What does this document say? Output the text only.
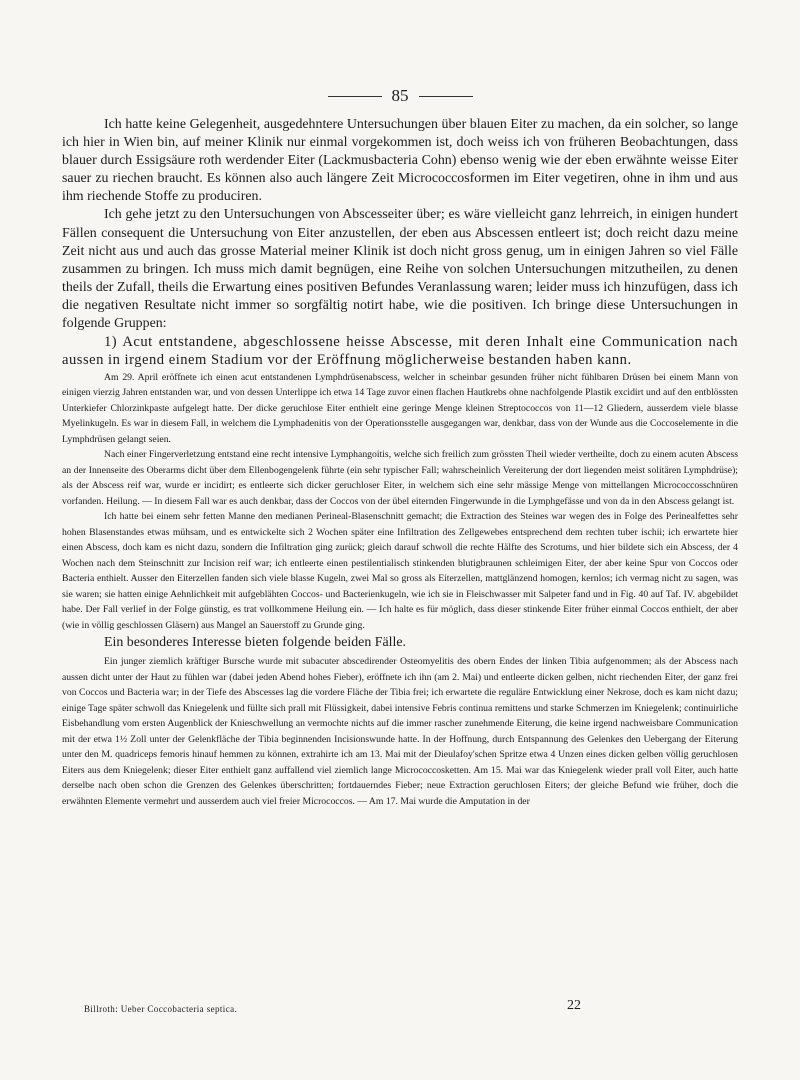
85

Ich hatte keine Gelegenheit, ausgedehntere Untersuchungen über blauen Eiter zu machen, da ein solcher, so lange ich hier in Wien bin, auf meiner Klinik nur einmal vorgekommen ist, doch weiss ich von früheren Beobachtungen, dass blauer durch Essigsäure roth werdender Eiter (Lackmusbacteria Cohn) ebenso wenig wie der eben erwähnte weisse Eiter sauer zu riechen braucht. Es können also auch längere Zeit Micrococcosformen im Eiter vegetiren, ohne in ihm und aus ihm riechende Stoffe zu produciren.

Ich gehe jetzt zu den Untersuchungen von Abscesseiter über; es wäre vielleicht ganz lehrreich, in einigen hundert Fällen consequent die Untersuchung von Eiter anzustellen, der eben aus Abscessen entleert ist; doch reicht dazu meine Zeit nicht aus und auch das grosse Material meiner Klinik ist doch nicht gross genug, um in einigen Jahren so viel Fälle zusammen zu bringen. Ich muss mich damit begnügen, eine Reihe von solchen Untersuchungen mitzutheilen, zu denen theils der Zufall, theils die Erwartung eines positiven Befundes Veranlassung waren; leider muss ich hinzufügen, dass ich die negativen Resultate nicht immer so sorgfältig notirt habe, wie die positiven. Ich bringe diese Untersuchungen in folgende Gruppen:

1) Acut entstandene, abgeschlossene heisse Abscesse, mit deren Inhalt eine Communication nach aussen in irgend einem Stadium vor der Eröffnung möglicherweise bestanden haben kann.

Am 29. April eröffnete ich einen acut entstandenen Lymphdrüsenabscess, welcher in scheinbar gesunden früher nicht fühlbaren Drüsen bei einem Mann von einigen vierzig Jahren entstanden war, und von dessen Unterlippe ich etwa 14 Tage zuvor einen flachen Hautkrebs ohne nachfolgende Plastik excidirt und auf den entblössten Unterkiefer Chlorzinkpaste aufgelegt hatte. Der dicke geruchlose Eiter enthielt eine geringe Menge kleinen Streptococcos von 11—12 Gliedern, ausserdem viele blasse Myelinkugeln. Es war in diesem Fall, in welchem die Lymphadenitis von der Operationsstelle ausgegangen war, denkbar, dass von der Wunde aus die Coccoselemente in die Lymphdrüsen gelangt seien.

Nach einer Fingerverletzung entstand eine recht intensive Lymphangoitis, welche sich freilich zum grössten Theil wieder vertheilte, doch zu einem acuten Abscess an der Innenseite des Oberarms dicht über dem Ellenbogengelenk führte (ein sehr typischer Fall; wahrscheinlich Vereiterung der dort liegenden meist solitären Lymphdrüse); als der Abscess reif war, wurde er incidirt; es entleerte sich dicker geruchloser Eiter, in welchem sich eine sehr mässige Menge von mittellangen Micrococcosschnüren vorfanden. Heilung. — In diesem Fall war es auch denkbar, dass der Coccos von der übel eiternden Fingerwunde in die Lymphgefässe und von da in den Abscess gelangt ist.

Ich hatte bei einem sehr fetten Manne den medianen Perineal-Blasenschnitt gemacht; die Extraction des Steines war wegen des in Folge des Perinealfettes sehr hohen Blasenstandes etwas mühsam, und es entwickelte sich 2 Wochen später eine Infiltration des Zellgewebes entsprechend dem rechten tuber ischii; ich erwartete hier einen Abscess, doch kam es nicht dazu, sondern die Infiltration ging zurück; gleich darauf schwoll die rechte Hälfte des Scrotums, und hier bildete sich ein Abscess, der 4 Wochen nach dem Steinschnitt zur Incision reif war; ich entleerte einen pestilentialisch stinkenden blutigbraunen schleimigen Eiter, der aber keine Spur von Coccos oder Bacteria enthielt. Ausser den Eiterzellen fanden sich viele blasse Kugeln, zwei Mal so gross als Eiterzellen, mattglänzend homogen, kernlos; ich vermag nicht zu sagen, was sie waren; sie hatten einige Aehnlichkeit mit aufgeblähten Coccos- und Bacterienkugeln, wie ich sie in Fleischwasser mit Salpeter fand und in Fig. 40 auf Taf. IV. abgebildet habe. Der Fall verlief in der Folge günstig, es trat vollkommene Heilung ein. — Ich halte es für möglich, dass dieser stinkende Eiter früher einmal Coccos enthielt, der aber (wie in völlig geschlossen Gläsern) aus Mangel an Sauerstoff zu Grunde ging.

Ein besonderes Interesse bieten folgende beiden Fälle.

Ein junger ziemlich kräftiger Bursche wurde mit subacuter abscedirender Osteomyelitis des obern Endes der linken Tibia aufgenommen; als der Abscess nach aussen dicht unter der Haut zu fühlen war (dabei jeden Abend hohes Fieber), eröffnete ich ihn (am 2. Mai) und entleerte dicken gelben, nicht riechenden Eiter, der ganz frei von Coccos und Bacteria war; in der Tiefe des Abscesses lag die vordere Fläche der Tibia frei; ich erwartete die reguläre Entwicklung einer Nekrose, doch es kam nicht dazu; einige Tage später schwoll das Kniegelenk und füllte sich prall mit Flüssigkeit, dabei intensive Febris continua remittens und starke Schmerzen im Kniegelenk; continuirliche Eisbehandlung vom ersten Augenblick der Knieschwellung an vermochte nichts auf die immer rascher zunehmende Eiterung, die keine irgend nachweisbare Communication mit der etwa 1½ Zoll unter der Gelenkfläche der Tibia beginnenden Incisionswunde hatte. In der Hoffnung, durch Entspannung des Gelenkes den Uebergang der Eiterung unter den M. quadriceps femoris hinauf hemmen zu können, extrahirte ich am 13. Mai mit der Dieulafoy'schen Spritze etwa 4 Unzen eines dicken gelben völlig geruchlosen Eiters aus dem Kniegelenk; dieser Eiter enthielt ganz auffallend viel ziemlich lange Micrococcosketten. Am 15. Mai war das Kniegelenk wieder prall voll Eiter, auch hatte derselbe nach oben schon die Grenzen des Gelenkes überschritten; fortdauerndes Fieber; neue Extraction geruchlosen Eiters; der gleiche Befund wie früher, doch die erwähnten Elemente vermehrt und ausserdem auch viel freier Micrococcos. — Am 17. Mai wurde die Amputation in der

Billroth: Ueber Coccobacteria septica.	22
